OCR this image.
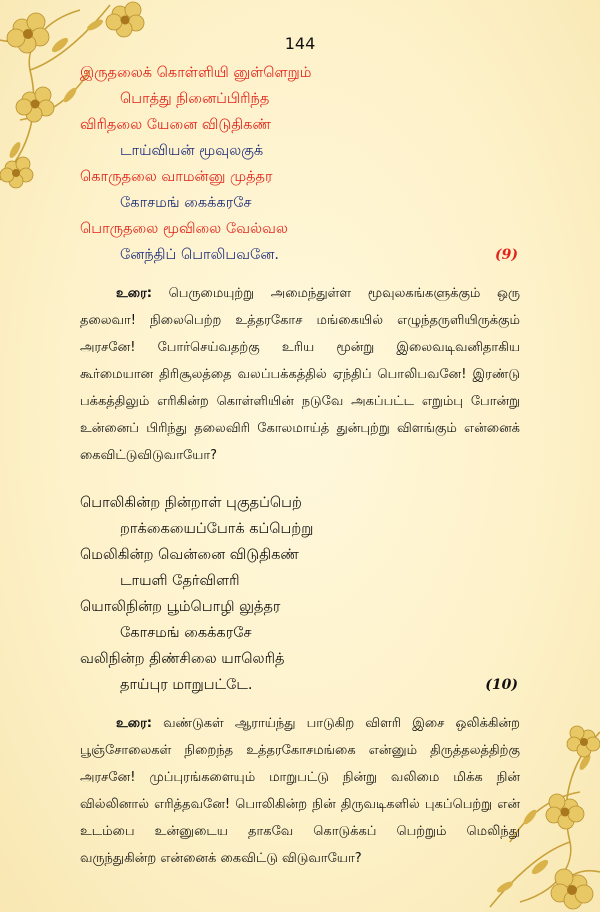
144
இருதலைக் கொள்ளியி னுள்ளெறும்
பொத்து நினைப்பிரிந்த
விரிதலை யேனை விடுதிகண்
டாய்வியன் மூவுலகுக்
கொருதலை வாமன்னு முத்தர
கோசமங் கைக்கரசே
பொருதலை மூவிலை வேல்வல
னேந்திப் பொலிபவனே.	(9)

உரை: பெருமையுற்று அமைந்துள்ள மூவுலகங்களுக்கும் ஒரு தலைவா! நிலைபெற்ற உத்தரகோச மங்கையில் எழுந்தருளியிருக்கும் அரசனே! போர்செய்வதற்கு உரிய மூன்று இலைவடிவனிதாகிய கூர்மையான திரிசூலத்தை வலப்பக்கத்தில் ஏந்திப் பொலிபவனே! இரண்டு பக்கத்திலும் எரிகின்ற கொள்ளியின் நடுவே அகப்பட்ட எறும்பு போன்று உன்னைப் பிரிந்து தலைவிரி கோலமாய்த் துன்புற்று விளங்கும் என்னைக் கைவிட்டுவிடுவாயோ?

பொலிகின்ற நின்றாள் புகுதப்பெற்
றாக்கையைப்போக் கப்பெற்று
மெலிகின்ற வென்னை விடுதிகண்
டாயளி தேர்விளரி
யொலிநின்ற பூம்பொழி லுத்தர
கோசமங் கைக்கரசே
வலிநின்ற திண்சிலை யாலெரித்
தாய்புர மாறுபட்டே.	(10)

உரை: வண்டுகள் ஆராய்ந்து பாடுகிற விளரி இசை ஒலிக்கின்ற பூஞ்சோலைகள் நிறைந்த உத்தரகோசமங்கை என்னும் திருத்தலத்திற்கு அரசனே! முப்புரங்களையும் மாறுபட்டு நின்று வலிமை மிக்க நின் வில்லினால் எரித்தவனே! பொலிகின்ற நின் திருவடிகளில் புகப்பெற்று என் உடம்பை உன்னுடைய தாகவே கொடுக்கப் பெற்றும் மெலிந்து வருந்துகின்ற என்னைக் கைவிட்டு விடுவாயோ?
